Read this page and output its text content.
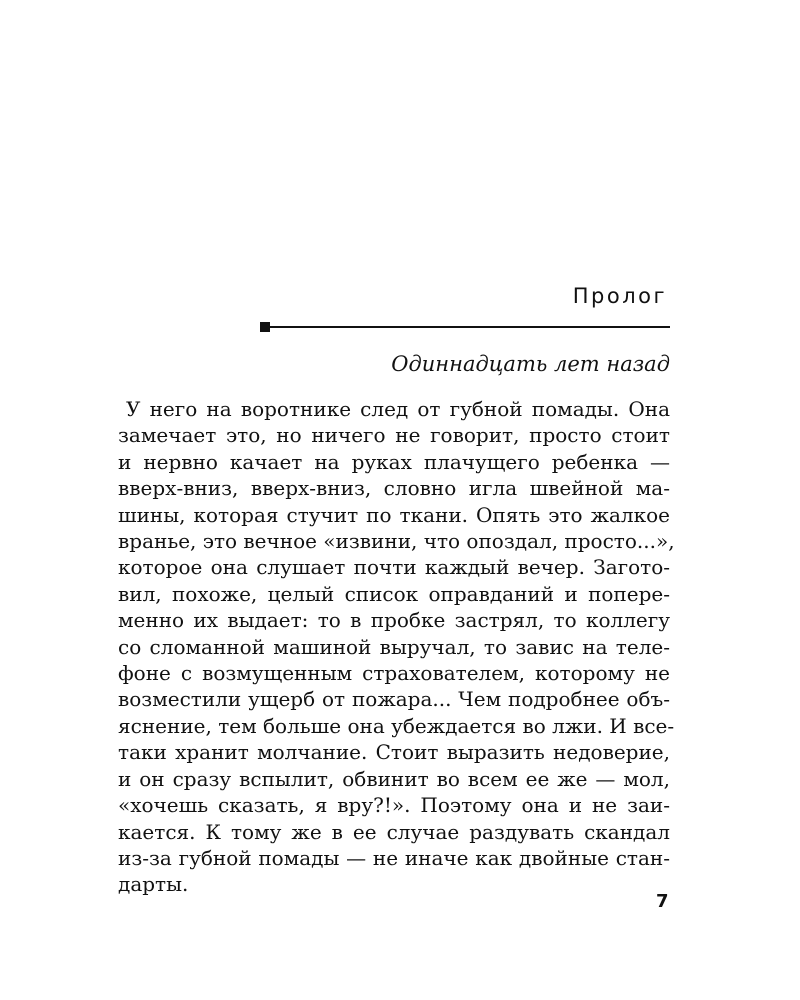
Пролог
Одиннадцать лет назад
У него на воротнике след от губной помады. Она
замечает это, но ничего не говорит, просто стоит
и нервно качает на руках плачущего ребенка —
вверх-вниз, вверх-вниз, словно игла швейной ма-
шины, которая стучит по ткани. Опять это жалкое
вранье, это вечное «извини, что опоздал, просто...»,
которое она слушает почти каждый вечер. Загото-
вил, похоже, целый список оправданий и попере-
менно их выдает: то в пробке застрял, то коллегу
со сломанной машиной выручал, то завис на теле-
фоне с возмущенным страхователем, которому не
возместили ущерб от пожара... Чем подробнее объ-
яснение, тем больше она убеждается во лжи. И все-
таки хранит молчание. Стоит выразить недоверие,
и он сразу вспылит, обвинит во всем ее же — мол,
«хочешь сказать, я вру?!». Поэтому она и не заи-
кается. К тому же в ее случае раздувать скандал
из-за губной помады — не иначе как двойные стан-
дарты.
7
